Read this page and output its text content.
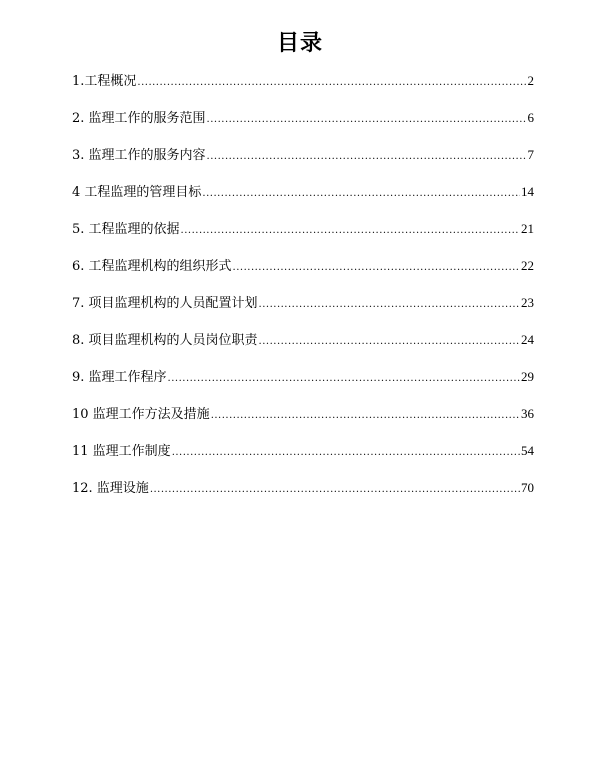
目录
1.工程概况 .....	2
2. 监理工作的服务范围 .....	6
3. 监理工作的服务内容 .....	7
4 工程监理的管理目标 .....	14
5. 工程监理的依据 .....	21
6. 工程监理机构的组织形式 .....	22
7. 项目监理机构的人员配置计划 .....	23
8. 项目监理机构的人员岗位职责 .....	24
9. 监理工作程序 .....	29
10 监理工作方法及措施 .....	36
11 监理工作制度 .....	54
12. 监理设施 .....	70
